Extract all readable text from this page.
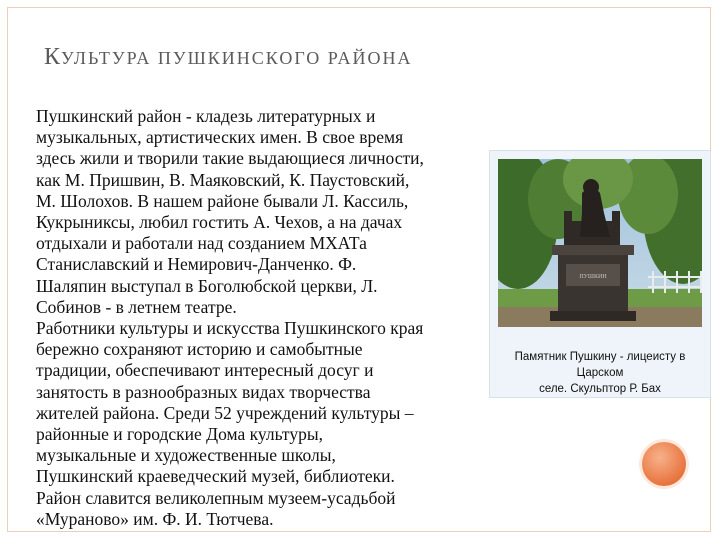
КУЛЬТУРА ПУШКИНСКОГО РАЙОНА
Пушкинский район - кладезь литературных и
музыкальных, артистических имен. В свое время
здесь жили и творили такие выдающиеся личности,
как М. Пришвин, В. Маяковский, К. Паустовский,
М. Шолохов. В нашем районе бывали Л. Кассиль,
Кукрыниксы, любил гостить А. Чехов, а на дачах
отдыхали и работали над созданием МХАТа
Станиславский и Немирович-Данченко. Ф.
Шаляпин выступал в Боголюбской церкви, Л.
Собинов - в летнем театре.
Работники культуры и искусства Пушкинского края
бережно сохраняют историю и самобытные
традиции, обеспечивают интересный досуг и
занятость в разнообразных видах творчества
жителей района. Среди 52 учреждений культуры –
районные и городские Дома культуры,
музыкальные и художественные школы,
Пушкинский краеведческий музей, библиотеки.
Район славится великолепным музеем-усадьбой
«Мураново» им. Ф. И. Тютчева.
ПУШКИН
Памятник Пушкину - лицеисту в Царском
селе. Скульптор Р. Бах
